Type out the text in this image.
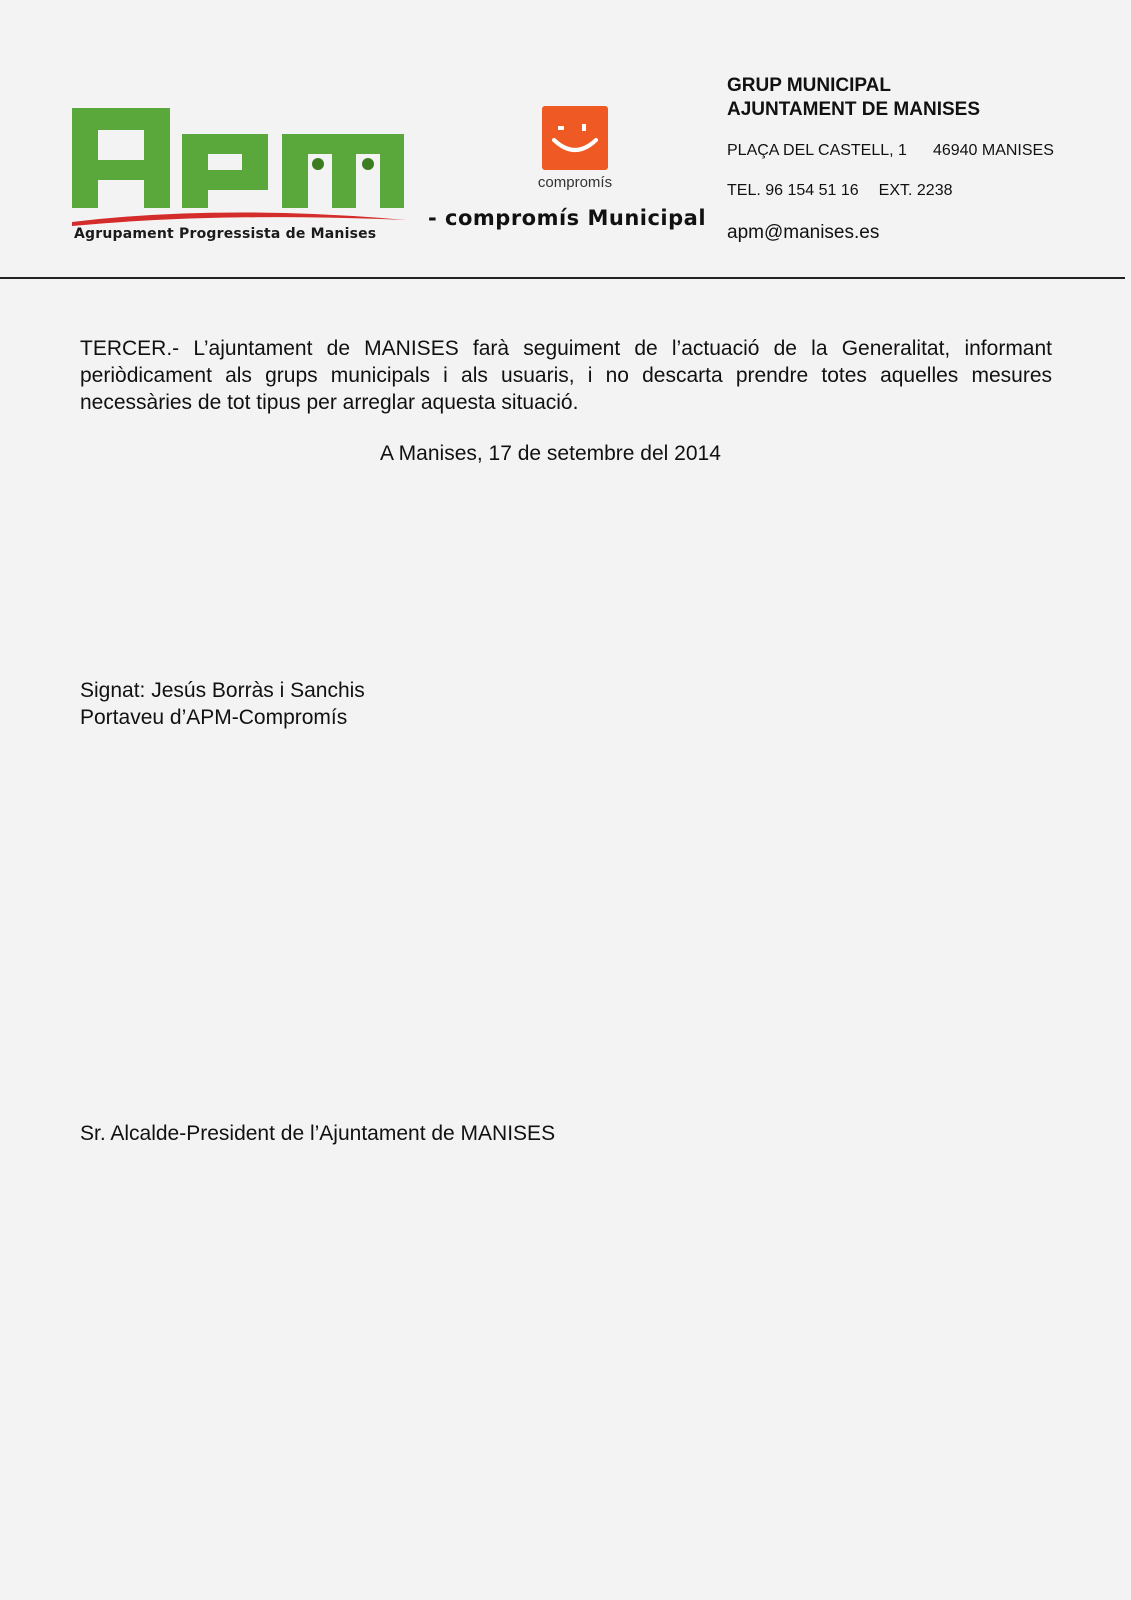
Agrupament Progressista de Manises
compromís
- compromís Municipal
GRUP MUNICIPAL
AJUNTAMENT DE MANISES
PLAÇA DEL CASTELL, 1 46940 MANISES
TEL. 96 154 51 16 EXT. 2238
apm@manises.es
TERCER.- L’ajuntament de MANISES farà seguiment de l’actuació de la Generalitat, informant periòdicament als grups municipals i als usuaris, i no descarta prendre totes aquelles mesures necessàries de tot tipus per arreglar aquesta situació.
A Manises, 17 de setembre del 2014
Signat: Jesús Borràs i Sanchis
Portaveu d’APM-Compromís
Sr. Alcalde-President de l’Ajuntament de MANISES
